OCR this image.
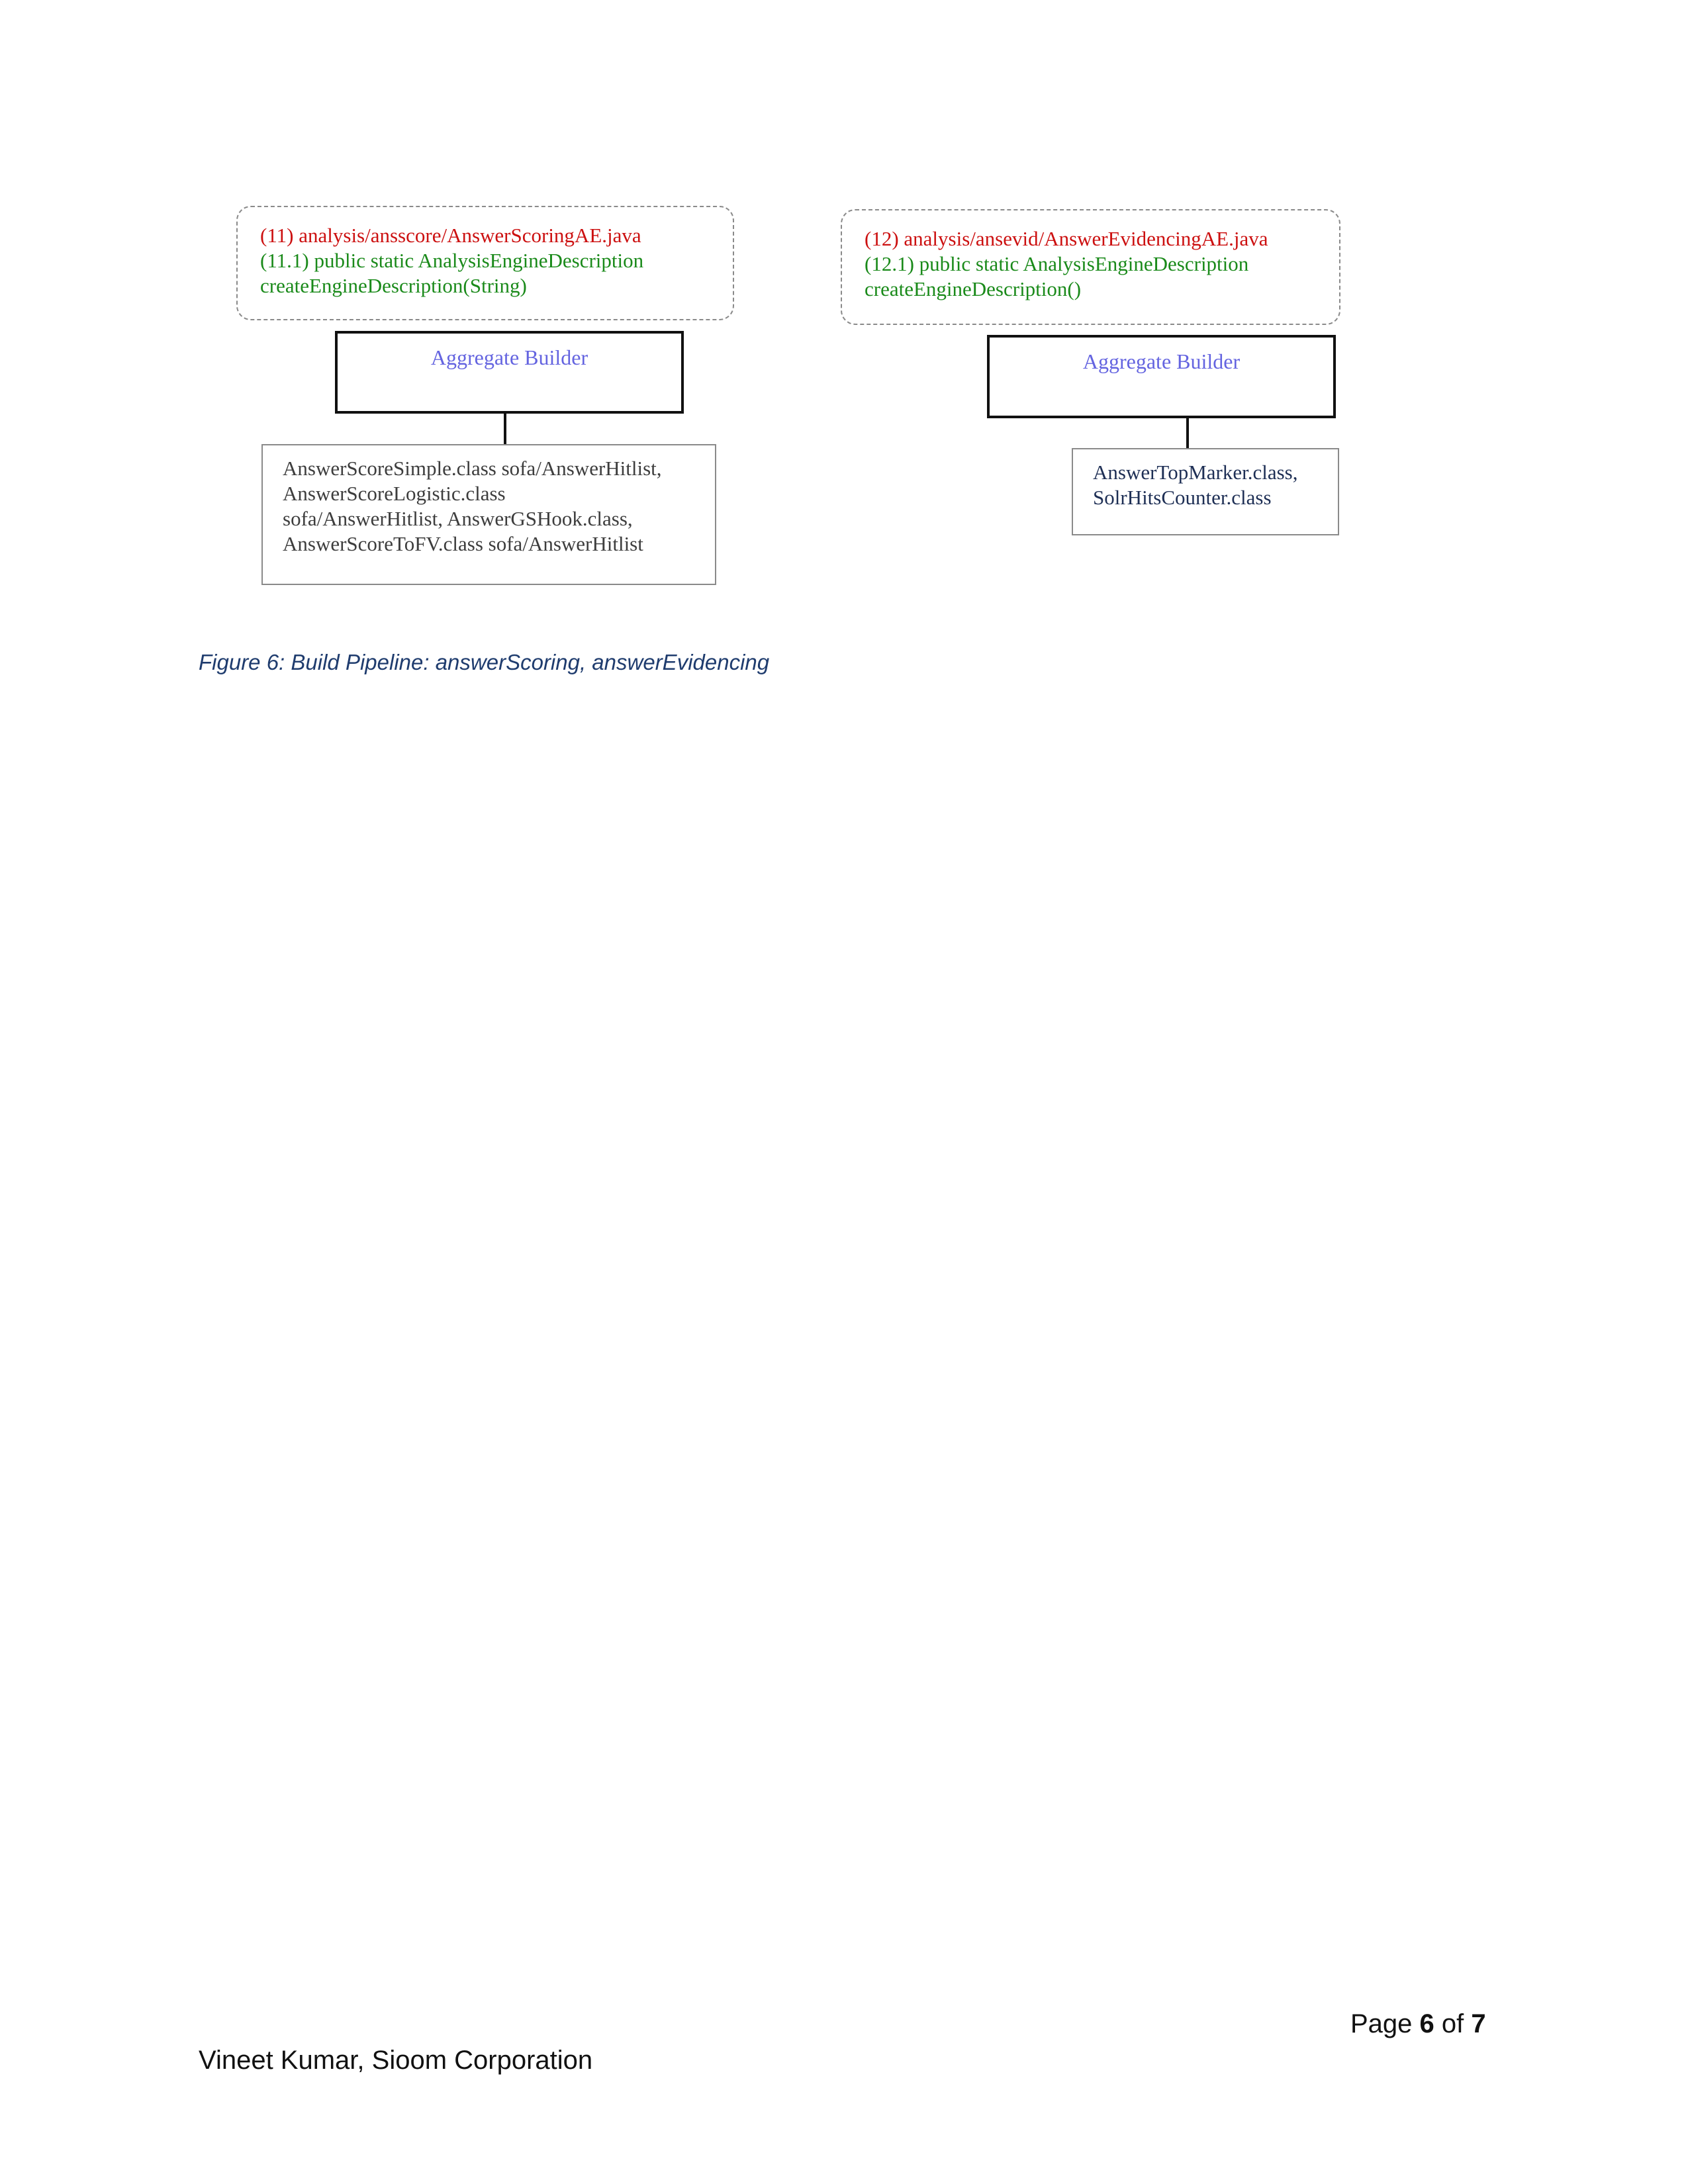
(11) analysis/ansscore/AnswerScoringAE.java
(11.1) public static AnalysisEngineDescription
createEngineDescription(String)
Aggregate Builder
AnswerScoreSimple.class sofa/AnswerHitlist,
AnswerScoreLogistic.class
sofa/AnswerHitlist, AnswerGSHook.class,
AnswerScoreToFV.class sofa/AnswerHitlist
(12) analysis/ansevid/AnswerEvidencingAE.java
(12.1) public static AnalysisEngineDescription
createEngineDescription()
Aggregate Builder
AnswerTopMarker.class,
SolrHitsCounter.class
Figure 6: Build Pipeline: answerScoring, answerEvidencing
Page 6 of 7
Vineet Kumar, Sioom Corporation
